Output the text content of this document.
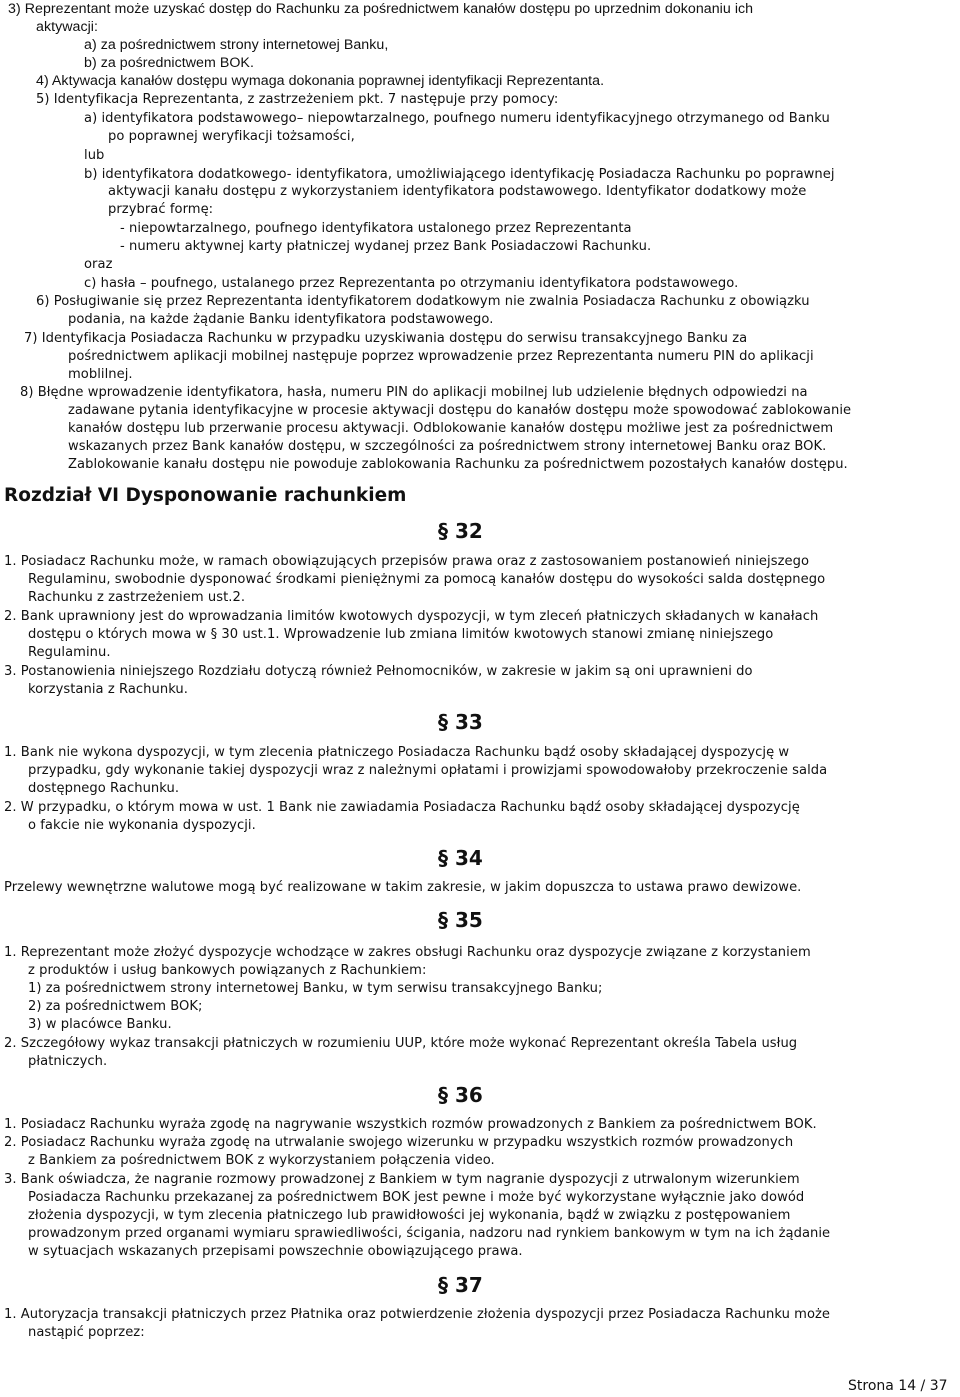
3) Reprezentant może uzyskać dostęp do Rachunku za pośrednictwem kanałów dostępu po uprzednim dokonaniu ich
aktywacji:
a) za pośrednictwem strony internetowej Banku,
b) za pośrednictwem BOK.
4) Aktywacja kanałów dostępu wymaga dokonania poprawnej identyfikacji Reprezentanta.
5) Identyfikacja Reprezentanta, z zastrzeżeniem pkt. 7 następuje przy pomocy:
a) identyfikatora podstawowego– niepowtarzalnego, poufnego numeru identyfikacyjnego otrzymanego od Banku
po poprawnej weryfikacji tożsamości,
lub
b) identyfikatora dodatkowego- identyfikatora, umożliwiającego identyfikację Posiadacza Rachunku po poprawnej
aktywacji kanału dostępu z wykorzystaniem identyfikatora podstawowego. Identyfikator dodatkowy może
przybrać formę:
- niepowtarzalnego, poufnego identyfikatora ustalonego przez Reprezentanta
- numeru aktywnej karty płatniczej wydanej przez Bank Posiadaczowi Rachunku.
oraz
c) hasła – poufnego, ustalanego przez Reprezentanta po otrzymaniu identyfikatora podstawowego.
6) Posługiwanie się przez Reprezentanta identyfikatorem dodatkowym nie zwalnia Posiadacza Rachunku z obowiązku
podania, na każde żądanie Banku identyfikatora podstawowego.
7) Identyfikacja Posiadacza Rachunku w przypadku uzyskiwania dostępu do serwisu transakcyjnego Banku za
pośrednictwem aplikacji mobilnej następuje poprzez wprowadzenie przez Reprezentanta numeru PIN do aplikacji
moblilnej.
8) Błędne wprowadzenie identyfikatora, hasła, numeru PIN do aplikacji mobilnej lub udzielenie błędnych odpowiedzi na
zadawane pytania identyfikacyjne w procesie aktywacji dostępu do kanałów dostępu może spowodować zablokowanie
kanałów dostępu lub przerwanie procesu aktywacji. Odblokowanie kanałów dostępu możliwe jest za pośrednictwem
wskazanych przez Bank kanałów dostępu, w szczególności za pośrednictwem strony internetowej Banku oraz BOK.
Zablokowanie kanału dostępu nie powoduje zablokowania Rachunku za pośrednictwem pozostałych kanałów dostępu.
Rozdział VI Dysponowanie rachunkiem
§ 32
1. Posiadacz Rachunku może, w ramach obowiązujących przepisów prawa oraz z zastosowaniem postanowień niniejszego
Regulaminu, swobodnie dysponować środkami pieniężnymi za pomocą kanałów dostępu do wysokości salda dostępnego
Rachunku z zastrzeżeniem ust.2.
2. Bank uprawniony jest do wprowadzania limitów kwotowych dyspozycji, w tym zleceń płatniczych składanych w kanałach
dostępu o których mowa w § 30 ust.1. Wprowadzenie lub zmiana limitów kwotowych stanowi zmianę niniejszego
Regulaminu.
3. Postanowienia niniejszego Rozdziału dotyczą również Pełnomocników, w zakresie w jakim są oni uprawnieni do
korzystania z Rachunku.
§ 33
1. Bank nie wykona dyspozycji, w tym zlecenia płatniczego Posiadacza Rachunku bądź osoby składającej dyspozycję w
przypadku, gdy wykonanie takiej dyspozycji wraz z należnymi opłatami i prowizjami spowodowałoby przekroczenie salda
dostępnego Rachunku.
2. W przypadku, o którym mowa w ust. 1 Bank nie zawiadamia Posiadacza Rachunku bądź osoby składającej dyspozycję
o fakcie nie wykonania dyspozycji.
§ 34
Przelewy wewnętrzne walutowe mogą być realizowane w takim zakresie, w jakim dopuszcza to ustawa prawo dewizowe.
§ 35
1. Reprezentant może złożyć dyspozycje wchodzące w zakres obsługi Rachunku oraz dyspozycje związane z korzystaniem
z produktów i usług bankowych powiązanych z Rachunkiem:
1) za pośrednictwem strony internetowej Banku, w tym serwisu transakcyjnego Banku;
2) za pośrednictwem BOK;
3) w placówce Banku.
2. Szczegółowy wykaz transakcji płatniczych w rozumieniu UUP, które może wykonać Reprezentant określa Tabela usług
płatniczych.
§ 36
1. Posiadacz Rachunku wyraża zgodę na nagrywanie wszystkich rozmów prowadzonych z Bankiem za pośrednictwem BOK.
2. Posiadacz Rachunku wyraża zgodę na utrwalanie swojego wizerunku w przypadku wszystkich rozmów prowadzonych
z Bankiem za pośrednictwem BOK z wykorzystaniem połączenia video.
3. Bank oświadcza, że nagranie rozmowy prowadzonej z Bankiem w tym nagranie dyspozycji z utrwalonym wizerunkiem
Posiadacza Rachunku przekazanej za pośrednictwem BOK jest pewne i może być wykorzystane wyłącznie jako dowód
złożenia dyspozycji, w tym zlecenia płatniczego lub prawidłowości jej wykonania, bądź w związku z postępowaniem
prowadzonym przed organami wymiaru sprawiedliwości, ścigania, nadzoru nad rynkiem bankowym w tym na ich żądanie
w sytuacjach wskazanych przepisami powszechnie obowiązującego prawa.
§ 37
1. Autoryzacja transakcji płatniczych przez Płatnika oraz potwierdzenie złożenia dyspozycji przez Posiadacza Rachunku może
nastąpić poprzez:
Strona 14 / 37
